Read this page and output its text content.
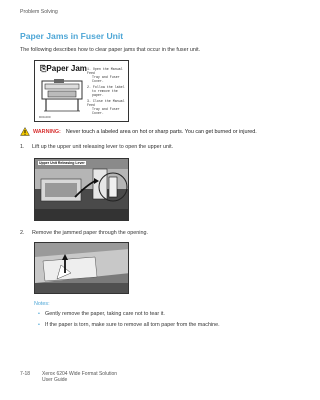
Problem Solving
Paper Jams in Fuser Unit

The following describes how to clear paper jams that occur in the fuser unit.

⎘Paper Jam 1. Open the Manual Feed
Tray and Fuser Cover.
2. Follow the label
to remove the paper.
3. Close the Manual Feed
Tray and Fuser Cover.
D00-000
WARNING: Never touch a labeled area on hot or sharp parts. You can get burned or injured.
1. Lift up the upper unit releasing lever to open the upper unit.
Upper Unit Releasing Lever
2. Remove the jammed paper through the opening.
Notes:
• Gently remove the paper, taking care not to tear it.
• If the paper is torn, make sure to remove all torn paper from the machine.
7-18	Xerox 6204 Wide Format Solution
User Guide
